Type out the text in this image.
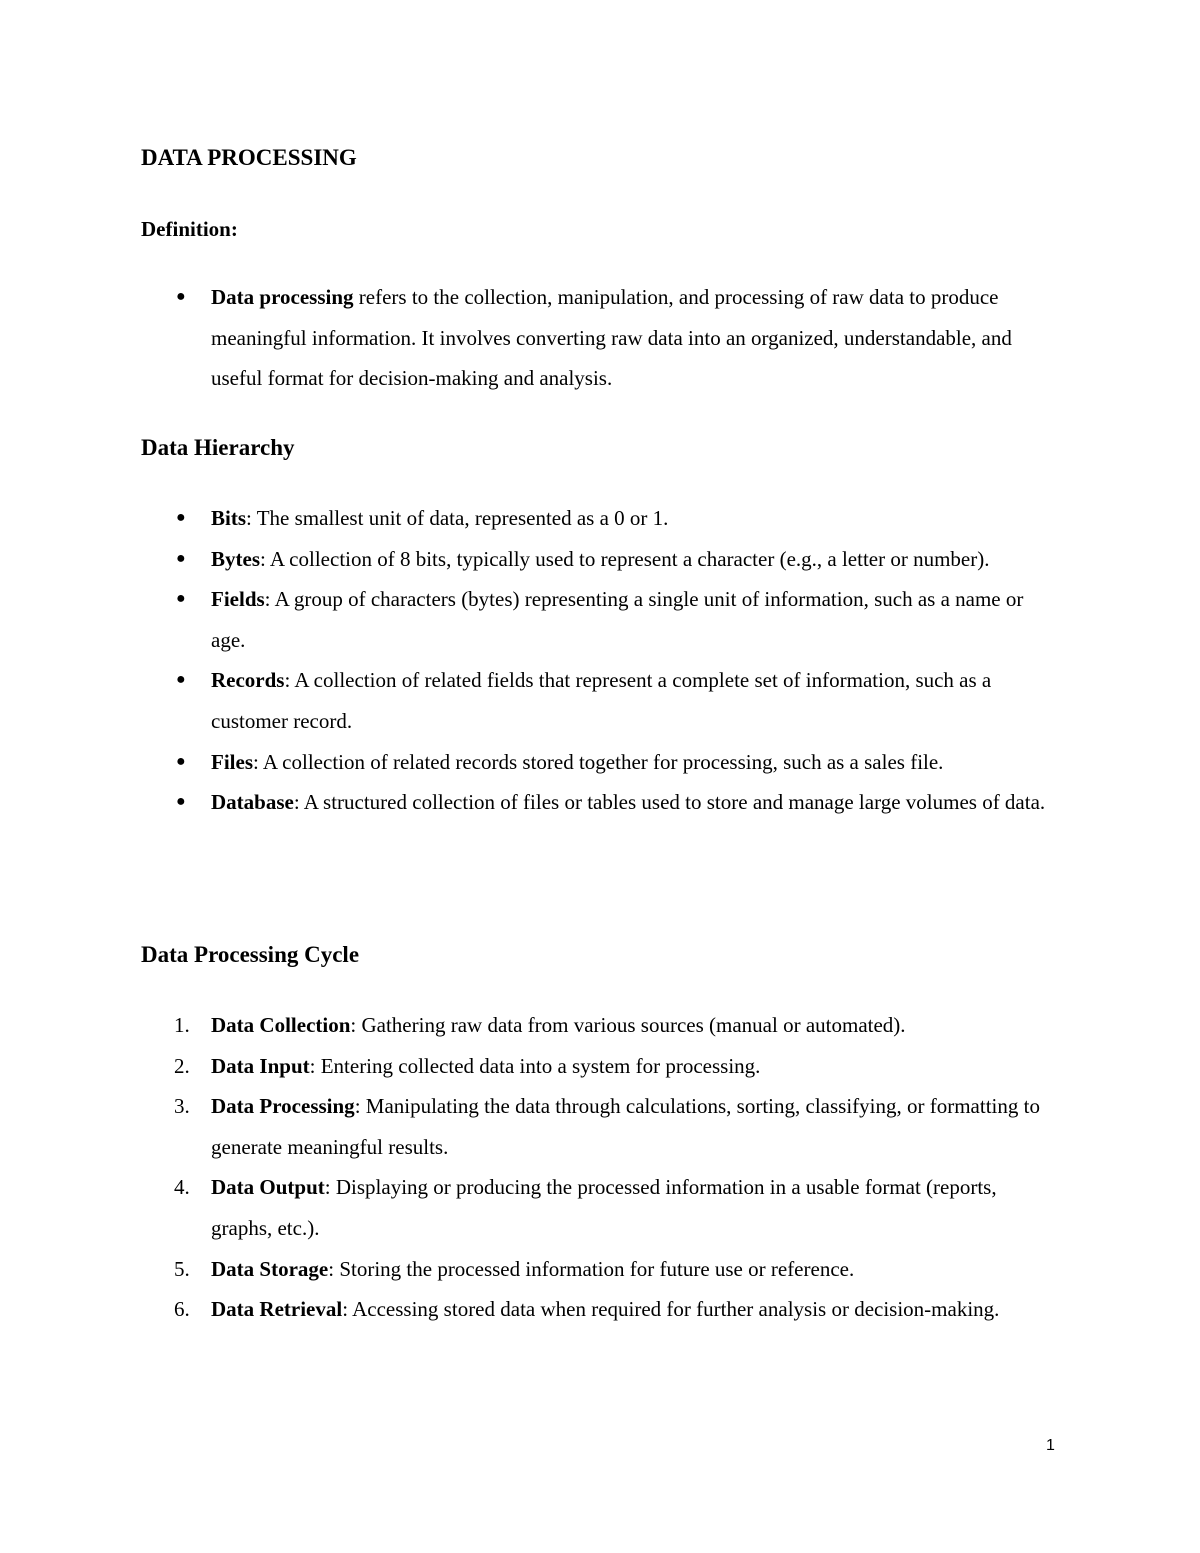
DATA PROCESSING
Definition:
● Data processing refers to the collection, manipulation, and processing of raw data to produce meaningful information. It involves converting raw data into an organized, understandable, and useful format for decision-making and analysis.
Data Hierarchy
● Bits: The smallest unit of data, represented as a 0 or 1.
● Bytes: A collection of 8 bits, typically used to represent a character (e.g., a letter or number).
● Fields: A group of characters (bytes) representing a single unit of information, such as a name or age.
● Records: A collection of related fields that represent a complete set of information, such as a customer record.
● Files: A collection of related records stored together for processing, such as a sales file.
● Database: A structured collection of files or tables used to store and manage large volumes of data.
Data Processing Cycle
1.	Data Collection: Gathering raw data from various sources (manual or automated).
2.	Data Input: Entering collected data into a system for processing.
3.	Data Processing: Manipulating the data through calculations, sorting, classifying, or formatting to generate meaningful results.
4.	Data Output: Displaying or producing the processed information in a usable format (reports, graphs, etc.).
5.	Data Storage: Storing the processed information for future use or reference.
6.	Data Retrieval: Accessing stored data when required for further analysis or decision-making.
1
